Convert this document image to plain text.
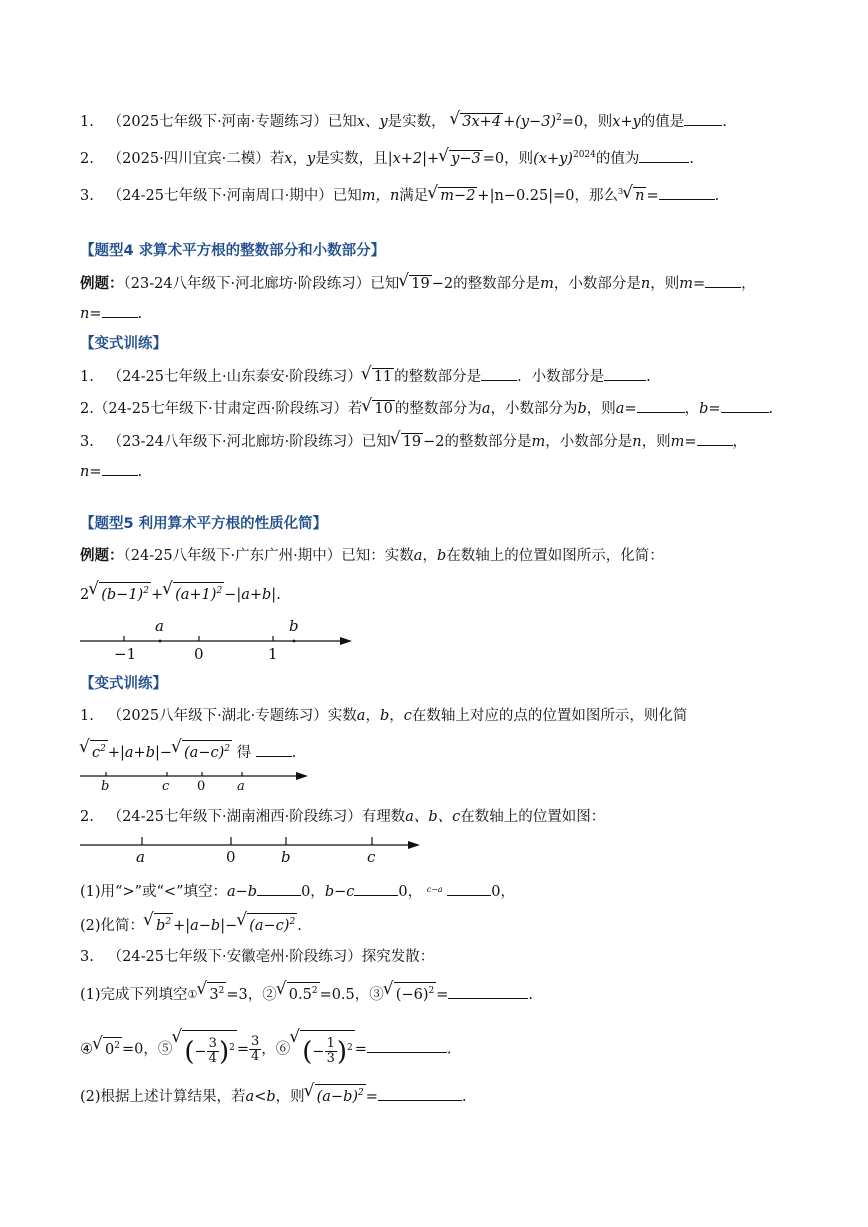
1. （2025七年级下·河南·专题练习）已知x、y是实数， √ $3x+4 +(y-3)^2=0$，则x+y的值是	.
2. （2025·四川宜宾·二模）若x，y是实数，且|x+2|+√ y−3 =0，则$(x+y)^{2024}$的值为	.
3. （24-25七年级下·河南周口·期中）已知m，n满足√ m−2 +|n−0.25|=0，那么$^3$√ n =	.
【题型4 求算术平方根的整数部分和小数部分】
例题：（23-24八年级下·河北廊坊·阶段练习）已知√ 19 −2的整数部分是m，小数部分是n，则m= ，
n= .
【变式训练】
1. （24-25七年级上·山东泰安·阶段练习）√ 11 的整数部分是 ．小数部分是	.
2.（24-25七年级下·甘肃定西·阶段练习）若√ 10 的整数部分为a，小数部分为b，则a=	，b=	.
3. （23-24八年级下·河北廊坊·阶段练习）已知√ 19 −2的整数部分是m，小数部分是n，则m= ，
n= .
【题型5 利用算术平方根的性质化简】
例题：（24-25八年级下·广东广州·期中）已知：实数a，b在数轴上的位置如图所示，化简：
2√ $(b-1)^2$ +√ $(a+1)^2 -|a+b|$.
a	b
−1	0	1
【变式训练】
1. （2025八年级下·湖北·专题练习）实数a，b，c在数轴上对应的点的位置如图所示，则化简
√ $c^2 +|a+b|-√$ $(a-c)^2$ 得	.
b	c 0 a
2. （24-25七年级下·湖南湘西·阶段练习）有理数a、b、c在数轴上的位置如图：
a	0	b	c
(1)用“>”或“<”填空：a−b	0，b−c	0， $^{c-a}$	0，
(2)化简：√ $b^2 +|a-b|-√$ $(a-c)^2$ .
3. （24-25七年级下·安徽亳州·阶段练习）探究发散：
(1)完成下列填空①√ $3^2 =3$，②√ $0.5^2 =0.5$，③√ $(-6)^2$ =	.
④√ $0^2 =0$，⑤√ (− $\frac{3}{4} )^2 = \frac{3}{4}$ ，⑥√ (− $\frac{1}{3} )^2$ =	.
(2)根据上述计算结果，若a<b，则√ $(a-b)^2$ =	.
